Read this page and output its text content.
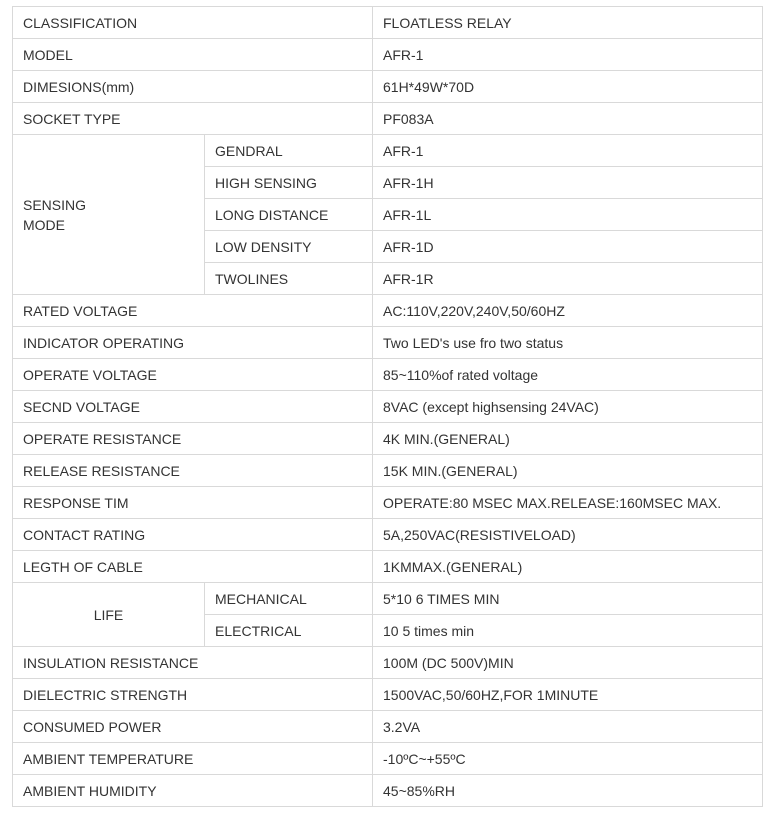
CLASSIFICATION		FLOATLESS RELAY
MODEL		AFR-1
DIMESIONS(mm)		61H*49W*70D
SOCKET TYPE		PF083A
SENSING
MODE	GENDRAL	AFR-1
	HIGH SENSING	AFR-1H
	LONG DISTANCE	AFR-1L
	LOW DENSITY	AFR-1D
	TWOLINES	AFR-1R
RATED VOLTAGE		AC:110V,220V,240V,50/60HZ
INDICATOR OPERATING		Two LED's use fro two status
OPERATE VOLTAGE		85~110%of rated voltage
SECND VOLTAGE		8VAC (except highsensing 24VAC)
OPERATE RESISTANCE		4K MIN.(GENERAL)
RELEASE RESISTANCE		15K MIN.(GENERAL)
RESPONSE TIM		OPERATE:80 MSEC MAX.RELEASE:160MSEC MAX.
CONTACT RATING		5A,250VAC(RESISTIVELOAD)
LEGTH OF CABLE		1KMMAX.(GENERAL)
LIFE	MECHANICAL	5*10 6 TIMES MIN
	ELECTRICAL	10 5 times min
INSULATION RESISTANCE		100M (DC 500V)MIN
DIELECTRIC STRENGTH		1500VAC,50/60HZ,FOR 1MINUTE
CONSUMED POWER		3.2VA
AMBIENT TEMPERATURE		-10ºC~+55ºC
AMBIENT HUMIDITY		45~85%RH
